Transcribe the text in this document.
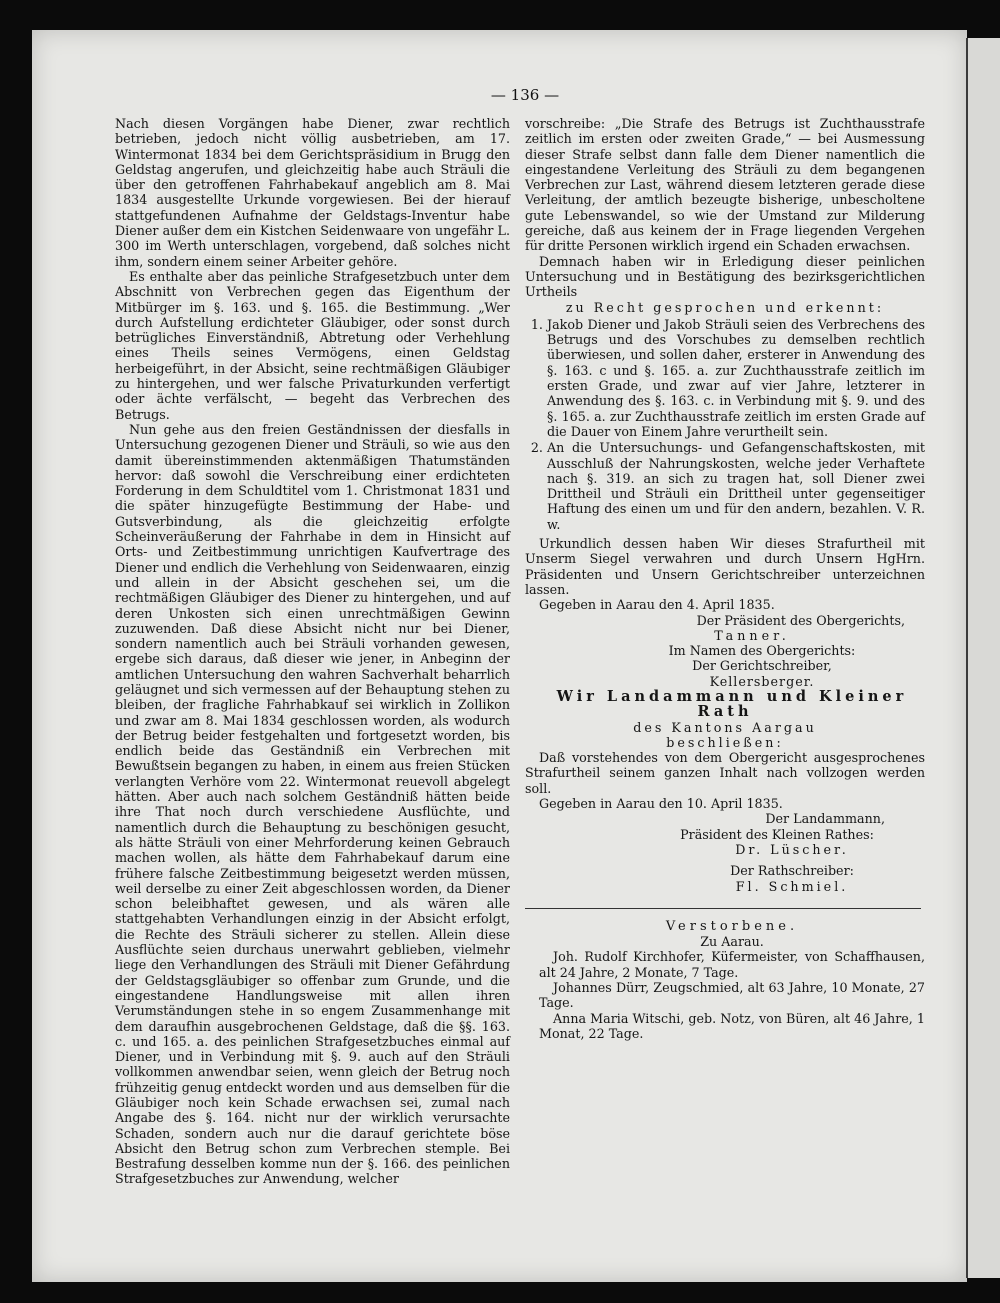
— 136 —

Nach diesen Vorgängen habe Diener, zwar rechtlich betrieben, jedoch nicht völlig ausbetrieben, am 17. Wintermonat 1834 bei dem Gerichtspräsidium in Brugg den Geldstag angerufen, und gleichzeitig habe auch Sträuli die über den getroffenen Fahrhabekauf angeblich am 8. Mai 1834 ausgestellte Urkunde vorgewiesen. Bei der hierauf stattgefundenen Aufnahme der Geldstags-Inventur habe Diener außer dem ein Kistchen Seidenwaare von ungefähr L. 300 im Werth unterschlagen, vorgebend, daß solches nicht ihm, sondern einem seiner Arbeiter gehöre.

Es enthalte aber das peinliche Strafgesetzbuch unter dem Abschnitt von Verbrechen gegen das Eigenthum der Mitbürger im §. 163. und §. 165. die Bestimmung. „Wer durch Aufstellung erdichteter Gläubiger, oder sonst durch betrügliches Einverständniß, Abtretung oder Verhehlung eines Theils seines Vermögens, einen Geldstag herbeigeführt, in der Absicht, seine rechtmäßigen Gläubiger zu hintergehen, und wer falsche Privaturkunden verfertigt oder ächte verfälscht, — begeht das Verbrechen des Betrugs.

Nun gehe aus den freien Geständnissen der diesfalls in Untersuchung gezogenen Diener und Sträuli, so wie aus den damit übereinstimmenden aktenmäßigen Thatumständen hervor: daß sowohl die Verschreibung einer erdichteten Forderung in dem Schuldtitel vom 1. Christmonat 1831 und die später hinzugefügte Bestimmung der Habe- und Gutsverbindung, als die gleichzeitig erfolgte Scheinveräußerung der Fahrhabe in dem in Hinsicht auf Orts- und Zeitbestimmung unrichtigen Kaufvertrage des Diener und endlich die Verhehlung von Seidenwaaren, einzig und allein in der Absicht geschehen sei, um die rechtmäßigen Gläubiger des Diener zu hintergehen, und auf deren Unkosten sich einen unrechtmäßigen Gewinn zuzuwenden. Daß diese Absicht nicht nur bei Diener, sondern namentlich auch bei Sträuli vorhanden gewesen, ergebe sich daraus, daß dieser wie jener, in Anbeginn der amtlichen Untersuchung den wahren Sachverhalt beharrlich geläugnet und sich vermessen auf der Behauptung stehen zu bleiben, der fragliche Fahrhabkauf sei wirklich in Zollikon und zwar am 8. Mai 1834 geschlossen worden, als wodurch der Betrug beider festgehalten und fortgesetzt worden, bis endlich beide das Geständniß ein Verbrechen mit Bewußtsein begangen zu haben, in einem aus freien Stücken verlangten Verhöre vom 22. Wintermonat reuevoll abgelegt hätten. Aber auch nach solchem Geständniß hätten beide ihre That noch durch verschiedene Ausflüchte, und namentlich durch die Behauptung zu beschönigen gesucht, als hätte Sträuli von einer Mehrforderung keinen Gebrauch machen wollen, als hätte dem Fahrhabekauf darum eine frühere falsche Zeitbestimmung beigesetzt werden müssen, weil derselbe zu einer Zeit abgeschlossen worden, da Diener schon beleibhaftet gewesen, und als wären alle stattgehabten Verhandlungen einzig in der Absicht erfolgt, die Rechte des Sträuli sicherer zu stellen. Allein diese Ausflüchte seien durchaus unerwahrt geblieben, vielmehr liege den Verhandlungen des Sträuli mit Diener Gefährdung der Geldstagsgläubiger so offenbar zum Grunde, und die eingestandene Handlungsweise mit allen ihren Verumständungen stehe in so engem Zusammenhange mit dem daraufhin ausgebrochenen Geldstage, daß die §§. 163. c. und 165. a. des peinlichen Strafgesetzbuches einmal auf Diener, und in Verbindung mit §. 9. auch auf den Sträuli vollkommen anwendbar seien, wenn gleich der Betrug noch frühzeitig genug entdeckt worden und aus demselben für die Gläubiger noch kein Schade erwachsen sei, zumal nach Angabe des §. 164. nicht nur der wirklich verursachte Schaden, sondern auch nur die darauf gerichtete böse Absicht den Betrug schon zum Verbrechen stemple. Bei Bestrafung desselben komme nun der §. 166. des peinlichen Strafgesetzbuches zur Anwendung, welcher

vorschreibe: „Die Strafe des Betrugs ist Zuchthausstrafe zeitlich im ersten oder zweiten Grade,“ — bei Ausmessung dieser Strafe selbst dann falle dem Diener namentlich die eingestandene Verleitung des Sträuli zu dem begangenen Verbrechen zur Last, während diesem letzteren gerade diese Verleitung, der amtlich bezeugte bisherige, unbescholtene gute Lebenswandel, so wie der Umstand zur Milderung gereiche, daß aus keinem der in Frage liegenden Vergehen für dritte Personen wirklich irgend ein Schaden erwachsen.

Demnach haben wir in Erledigung dieser peinlichen Untersuchung und in Bestätigung des bezirksgerichtlichen Urtheils

zu Recht gesprochen und erkennt:

1. Jakob Diener und Jakob Sträuli seien des Verbrechens des Betrugs und des Vorschubes zu demselben rechtlich überwiesen, und sollen daher, ersterer in Anwendung des §. 163. c und §. 165. a. zur Zuchthausstrafe zeitlich im ersten Grade, und zwar auf vier Jahre, letzterer in Anwendung des §. 163. c. in Verbindung mit §. 9. und des §. 165. a. zur Zuchthausstrafe zeitlich im ersten Grade auf die Dauer von Einem Jahre verurtheilt sein.
2. An die Untersuchungs- und Gefangenschaftskosten, mit Ausschluß der Nahrungskosten, welche jeder Verhaftete nach §. 319. an sich zu tragen hat, soll Diener zwei Drittheil und Sträuli ein Drittheil unter gegenseitiger Haftung des einen um und für den andern, bezahlen. V. R. w.

Urkundlich dessen haben Wir dieses Strafurtheil mit Unserm Siegel verwahren und durch Unsern HgHrn. Präsidenten und Unsern Gerichtschreiber unterzeichnen lassen.

Gegeben in Aarau den 4. April 1835.

Der Präsident des Obergerichts,

Tanner.

Im Namen des Obergerichts:

Der Gerichtschreiber,

Kellersberger.

Wir Landammann und Kleiner Rath

des Kantons Aargau

beschließen:

Daß vorstehendes von dem Obergericht ausgesprochenes Strafurtheil seinem ganzen Inhalt nach vollzogen werden soll.

Gegeben in Aarau den 10. April 1835.

Der Landammann,

Präsident des Kleinen Rathes:

Dr. Lüscher.

Der Rathschreiber:

Fl. Schmiel.

Verstorbene.

Zu Aarau.

Joh. Rudolf Kirchhofer, Küfermeister, von Schaffhausen, alt 24 Jahre, 2 Monate, 7 Tage.

Johannes Dürr, Zeugschmied, alt 63 Jahre, 10 Monate, 27 Tage.

Anna Maria Witschi, geb. Notz, von Büren, alt 46 Jahre, 1 Monat, 22 Tage.
